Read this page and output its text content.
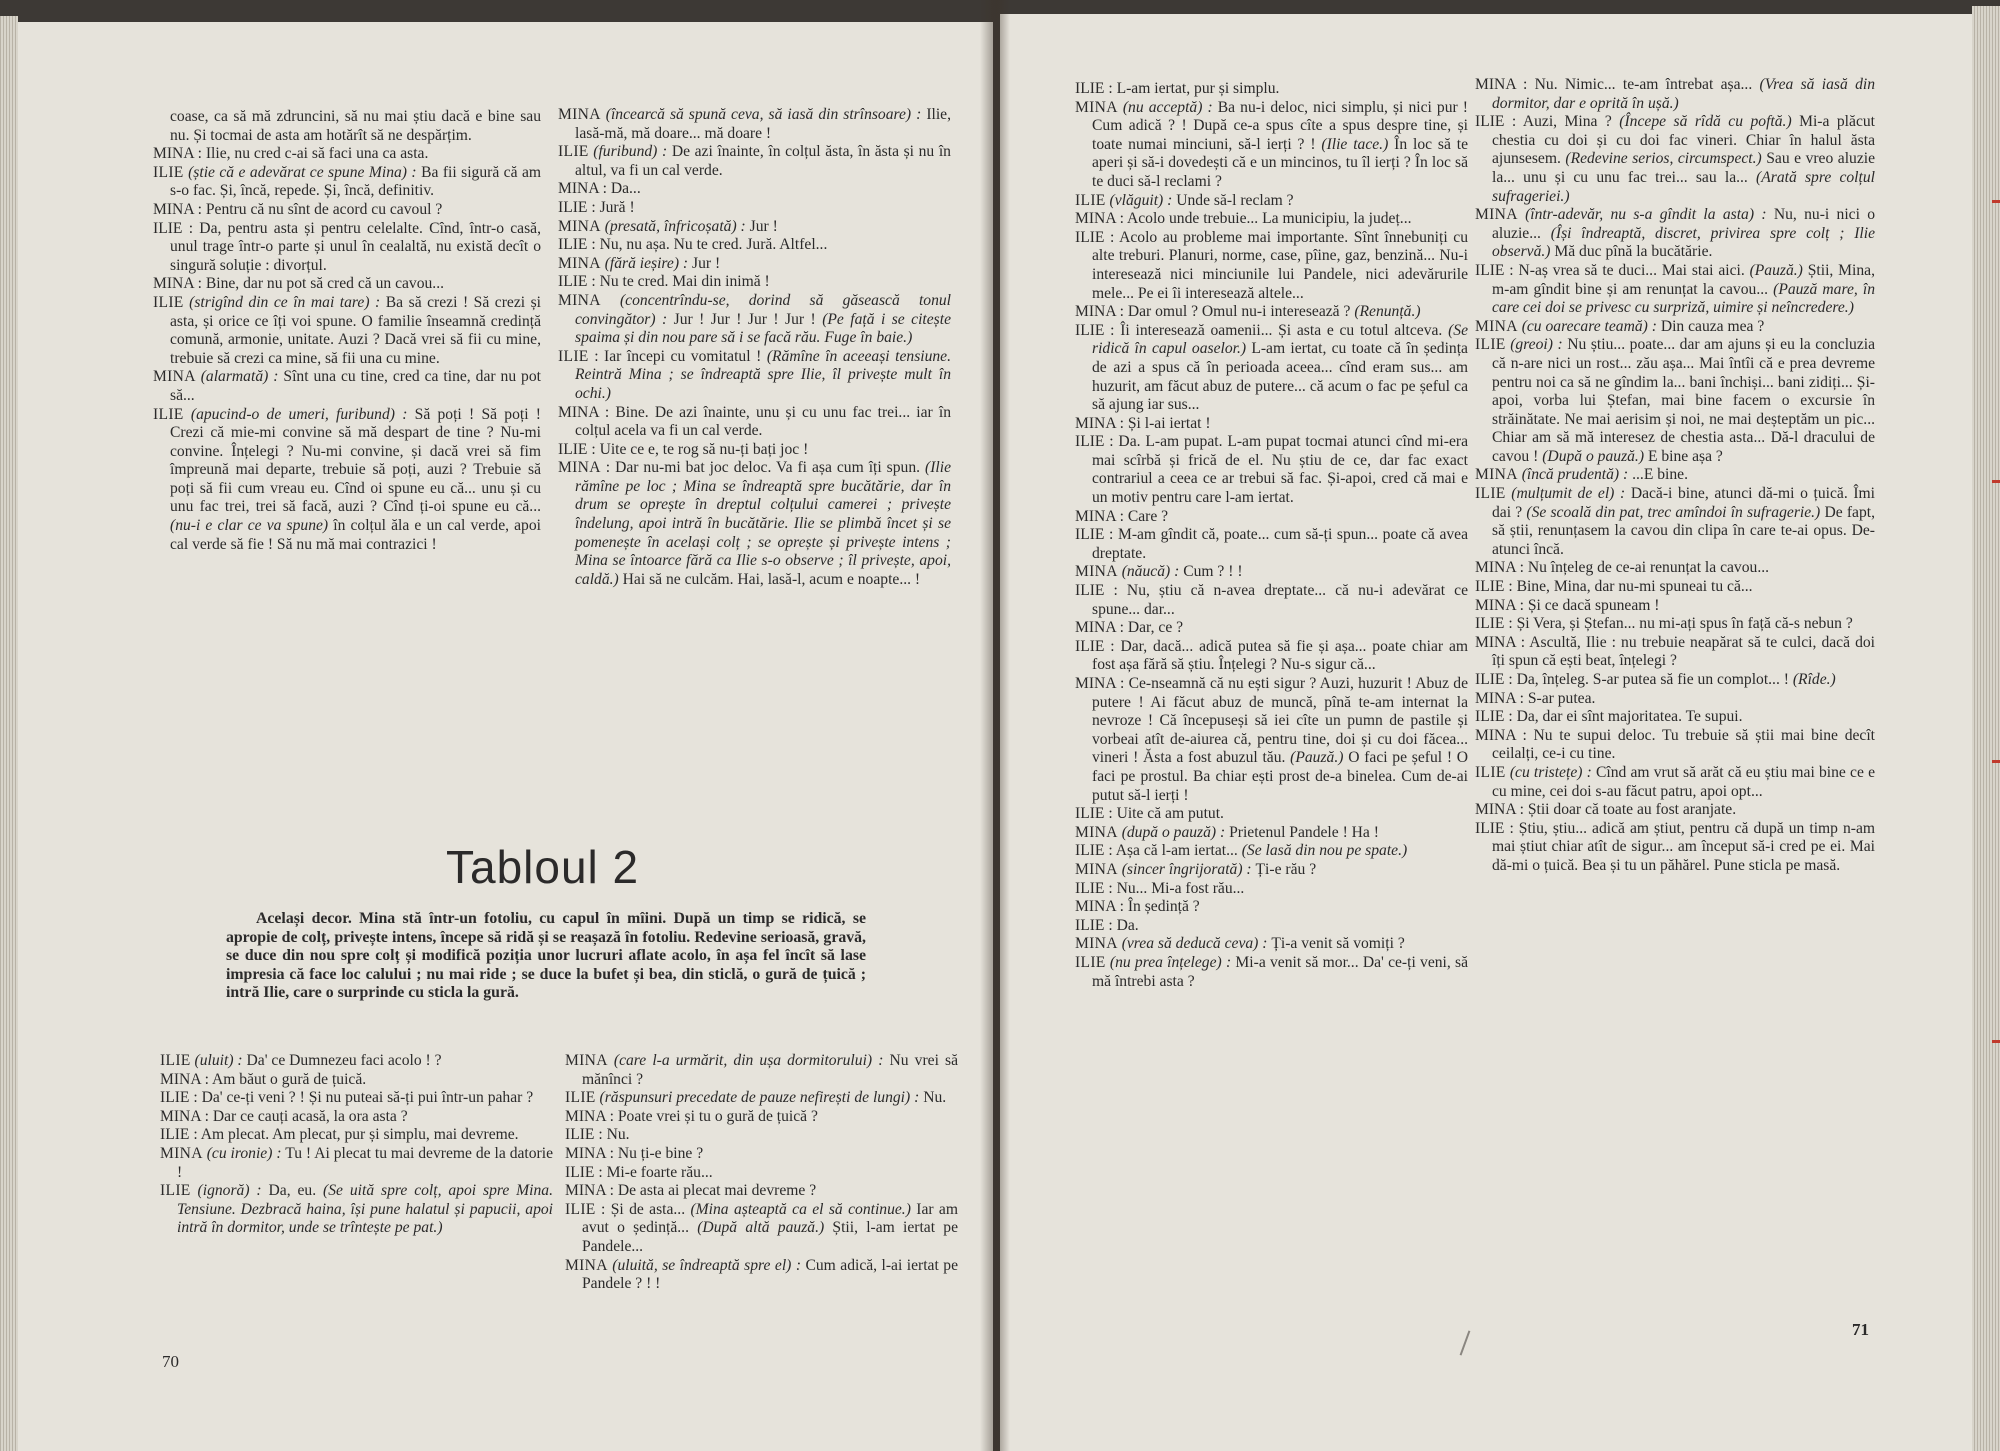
coase, ca să mă zdruncini, să nu mai știu dacă e bine sau nu. Și tocmai de asta am hotărît să ne despărțim.

MINA : Ilie, nu cred c-ai să faci una ca asta.

ILIE (știe că e adevărat ce spune Mina) : Ba fii sigură că am s-o fac. Și, încă, repede. Și, încă, definitiv.

MINA : Pentru că nu sînt de acord cu cavoul ?

ILIE : Da, pentru asta și pentru celelalte. Cînd, într-o casă, unul trage într-o parte și unul în cealaltă, nu există decît o singură soluție : divorțul.

MINA : Bine, dar nu pot să cred că un cavou...

ILIE (strigînd din ce în mai tare) : Ba să crezi ! Să crezi și asta, și orice ce îți voi spune. O familie înseamnă credință comună, armonie, unitate. Auzi ? Dacă vrei să fii cu mine, trebuie să crezi ca mine, să fii una cu mine.

MINA (alarmată) : Sînt una cu tine, cred ca tine, dar nu pot să...

ILIE (apucind-o de umeri, furibund) : Să poți ! Să poți ! Crezi că mie-mi convine să mă despart de tine ? Nu-mi convine. Înțelegi ? Nu-mi convine, și dacă vrei să fim împreună mai departe, trebuie să poți, auzi ? Trebuie să poți să fii cum vreau eu. Cînd oi spune eu că... unu și cu unu fac trei, trei să facă, auzi ? Cînd ți-oi spune eu că... (nu-i e clar ce va spune) în colțul ăla e un cal verde, apoi cal verde să fie ! Să nu mă mai contrazici !

MINA (încearcă să spună ceva, să iasă din strînsoare) : Ilie, lasă-mă, mă doare... mă doare !

ILIE (furibund) : De azi înainte, în colțul ăsta, în ăsta și nu în altul, va fi un cal verde.

MINA : Da...

ILIE : Jură !

MINA (presată, înfricoșată) : Jur !

ILIE : Nu, nu așa. Nu te cred. Jură. Altfel...

MINA (fără ieșire) : Jur !

ILIE : Nu te cred. Mai din inimă !

MINA (concentrîndu-se, dorind să găsească tonul convingător) : Jur ! Jur ! Jur ! Jur ! (Pe față i se citește spaima și din nou pare să i se facă rău. Fuge în baie.)

ILIE : Iar începi cu vomitatul ! (Rămîne în aceeași tensiune. Reintră Mina ; se îndreaptă spre Ilie, îl privește mult în ochi.)

MINA : Bine. De azi înainte, unu și cu unu fac trei... iar în colțul acela va fi un cal verde.

ILIE : Uite ce e, te rog să nu-ți bați joc !

MINA : Dar nu-mi bat joc deloc. Va fi așa cum îți spun. (Ilie rămîne pe loc ; Mina se îndreaptă spre bucătărie, dar în drum se oprește în dreptul colțului camerei ; privește îndelung, apoi intră în bucătărie. Ilie se plimbă încet și se pomenește în același colț ; se oprește și privește intens ; Mina se întoarce fără ca Ilie s-o observe ; îl privește, apoi, caldă.) Hai să ne culcăm. Hai, lasă-l, acum e noapte... !

Tabloul 2
Același decor. Mina stă într-un fotoliu, cu capul în mîini. După un timp se ridică, se apropie de colț, privește intens, începe să ridă și se reașază în fotoliu. Redevine serioasă, gravă, se duce din nou spre colț și modifică poziția unor lucruri aflate acolo, în așa fel încît să lase impresia că face loc calului ; nu mai ride ; se duce la bufet și bea, din sticlă, o gură de țuică ; intră Ilie, care o surprinde cu sticla la gură.

ILIE (uluit) : Da' ce Dumnezeu faci acolo ! ?

MINA : Am băut o gură de țuică.

ILIE : Da' ce-ți veni ? ! Și nu puteai să-ți pui într-un pahar ?

MINA : Dar ce cauți acasă, la ora asta ?

ILIE : Am plecat. Am plecat, pur și simplu, mai devreme.

MINA (cu ironie) : Tu ! Ai plecat tu mai devreme de la datorie !

ILIE (ignoră) : Da, eu. (Se uită spre colț, apoi spre Mina. Tensiune. Dezbracă haina, își pune halatul și papucii, apoi intră în dormitor, unde se trîntește pe pat.)

MINA (care l-a urmărit, din ușa dormitorului) : Nu vrei să mănînci ?

ILIE (răspunsuri precedate de pauze nefirești de lungi) : Nu.

MINA : Poate vrei și tu o gură de țuică ?

ILIE : Nu.

MINA : Nu ți-e bine ?

ILIE : Mi-e foarte rău...

MINA : De asta ai plecat mai devreme ?

ILIE : Și de asta... (Mina așteaptă ca el să continue.) Iar am avut o ședință... (După altă pauză.) Știi, l-am iertat pe Pandele...

MINA (uluită, se îndreaptă spre el) : Cum adică, l-ai iertat pe Pandele ? ! !

70

ILIE : L-am iertat, pur și simplu.

MINA (nu acceptă) : Ba nu-i deloc, nici simplu, și nici pur ! Cum adică ? ! După ce-a spus cîte a spus despre tine, și toate numai minciuni, să-l ierți ? ! (Ilie tace.) În loc să te aperi și să-i dovedești că e un mincinos, tu îl ierți ? În loc să te duci să-l reclami ?

ILIE (vlăguit) : Unde să-l reclam ?

MINA : Acolo unde trebuie... La municipiu, la județ...

ILIE : Acolo au probleme mai importante. Sînt înnebuniți cu alte treburi. Planuri, norme, case, pîine, gaz, benzină... Nu-i interesează nici minciunile lui Pandele, nici adevărurile mele... Pe ei îi interesează altele...

MINA : Dar omul ? Omul nu-i interesează ? (Renunță.)

ILIE : Îi interesează oamenii... Și asta e cu totul altceva. (Se ridică în capul oaselor.) L-am iertat, cu toate că în ședința de azi a spus că în perioada aceea... cînd eram sus... am huzurit, am făcut abuz de putere... că acum o fac pe șeful ca să ajung iar sus...

MINA : Și l-ai iertat !

ILIE : Da. L-am pupat. L-am pupat tocmai atunci cînd mi-era mai scîrbă și frică de el. Nu știu de ce, dar fac exact contrariul a ceea ce ar trebui să fac. Și-apoi, cred că mai e un motiv pentru care l-am iertat.

MINA : Care ?

ILIE : M-am gîndit că, poate... cum să-ți spun... poate că avea dreptate.

MINA (năucă) : Cum ? ! !

ILIE : Nu, știu că n-avea dreptate... că nu-i adevărat ce spune... dar...

MINA : Dar, ce ?

ILIE : Dar, dacă... adică putea să fie și așa... poate chiar am fost așa fără să știu. Înțelegi ? Nu-s sigur că...

MINA : Ce-nseamnă că nu ești sigur ? Auzi, huzurit ! Abuz de putere ! Ai făcut abuz de muncă, pînă te-am internat la nevroze ! Că începuseși să iei cîte un pumn de pastile și vorbeai atît de-aiurea că, pentru tine, doi și cu doi făcea... vineri ! Ăsta a fost abuzul tău. (Pauză.) O faci pe șeful ! O faci pe prostul. Ba chiar ești prost de-a binelea. Cum de-ai putut să-l ierți !

ILIE : Uite că am putut.

MINA (după o pauză) : Prietenul Pandele ! Ha !

ILIE : Așa că l-am iertat... (Se lasă din nou pe spate.)

MINA (sincer îngrijorată) : Ți-e rău ?

ILIE : Nu... Mi-a fost rău...

MINA : În ședință ?

ILIE : Da.

MINA (vrea să deducă ceva) : Ți-a venit să vomiți ?

ILIE (nu prea înțelege) : Mi-a venit să mor... Da' ce-ți veni, să mă întrebi asta ?

MINA : Nu. Nimic... te-am întrebat așa... (Vrea să iasă din dormitor, dar e oprită în ușă.)

ILIE : Auzi, Mina ? (Începe să rîdă cu poftă.) Mi-a plăcut chestia cu doi și cu doi fac vineri. Chiar în halul ăsta ajunsesem. (Redevine serios, circumspect.) Sau e vreo aluzie la... unu și cu unu fac trei... sau la... (Arată spre colțul sufrageriei.)

MINA (într-adevăr, nu s-a gîndit la asta) : Nu, nu-i nici o aluzie... (Își îndreaptă, discret, privirea spre colț ; Ilie observă.) Mă duc pînă la bucătărie.

ILIE : N-aș vrea să te duci... Mai stai aici. (Pauză.) Știi, Mina, m-am gîndit bine și am renunțat la cavou... (Pauză mare, în care cei doi se privesc cu surpriză, uimire și neîncredere.)

MINA (cu oarecare teamă) : Din cauza mea ?

ILIE (greoi) : Nu știu... poate... dar am ajuns și eu la concluzia că n-are nici un rost... zău așa... Mai întîi că e prea devreme pentru noi ca să ne gîndim la... bani închiși... bani zidiți... Și-apoi, vorba lui Ștefan, mai bine facem o excursie în străinătate. Ne mai aerisim și noi, ne mai deșteptăm un pic... Chiar am să mă interesez de chestia asta... Dă-l dracului de cavou ! (După o pauză.) E bine așa ?

MINA (încă prudentă) : ...E bine.

ILIE (mulțumit de el) : Dacă-i bine, atunci dă-mi o țuică. Îmi dai ? (Se scoală din pat, trec amîndoi în sufragerie.) De fapt, să știi, renunțasem la cavou din clipa în care te-ai opus. De-atunci încă.

MINA : Nu înțeleg de ce-ai renunțat la cavou...

ILIE : Bine, Mina, dar nu-mi spuneai tu că...

MINA : Și ce dacă spuneam !

ILIE : Și Vera, și Ștefan... nu mi-ați spus în față că-s nebun ?

MINA : Ascultă, Ilie : nu trebuie neapărat să te culci, dacă doi îți spun că ești beat, înțelegi ?

ILIE : Da, înțeleg. S-ar putea să fie un complot... ! (Rîde.)

MINA : S-ar putea.

ILIE : Da, dar ei sînt majoritatea. Te supui.

MINA : Nu te supui deloc. Tu trebuie să știi mai bine decît ceilalți, ce-i cu tine.

ILIE (cu tristețe) : Cînd am vrut să arăt că eu știu mai bine ce e cu mine, cei doi s-au făcut patru, apoi opt...

MINA : Știi doar că toate au fost aranjate.

ILIE : Știu, știu... adică am știut, pentru că după un timp n-am mai știut chiar atît de sigur... am început să-i cred pe ei. Mai dă-mi o țuică. Bea și tu un păhărel. Pune sticla pe masă.

71
